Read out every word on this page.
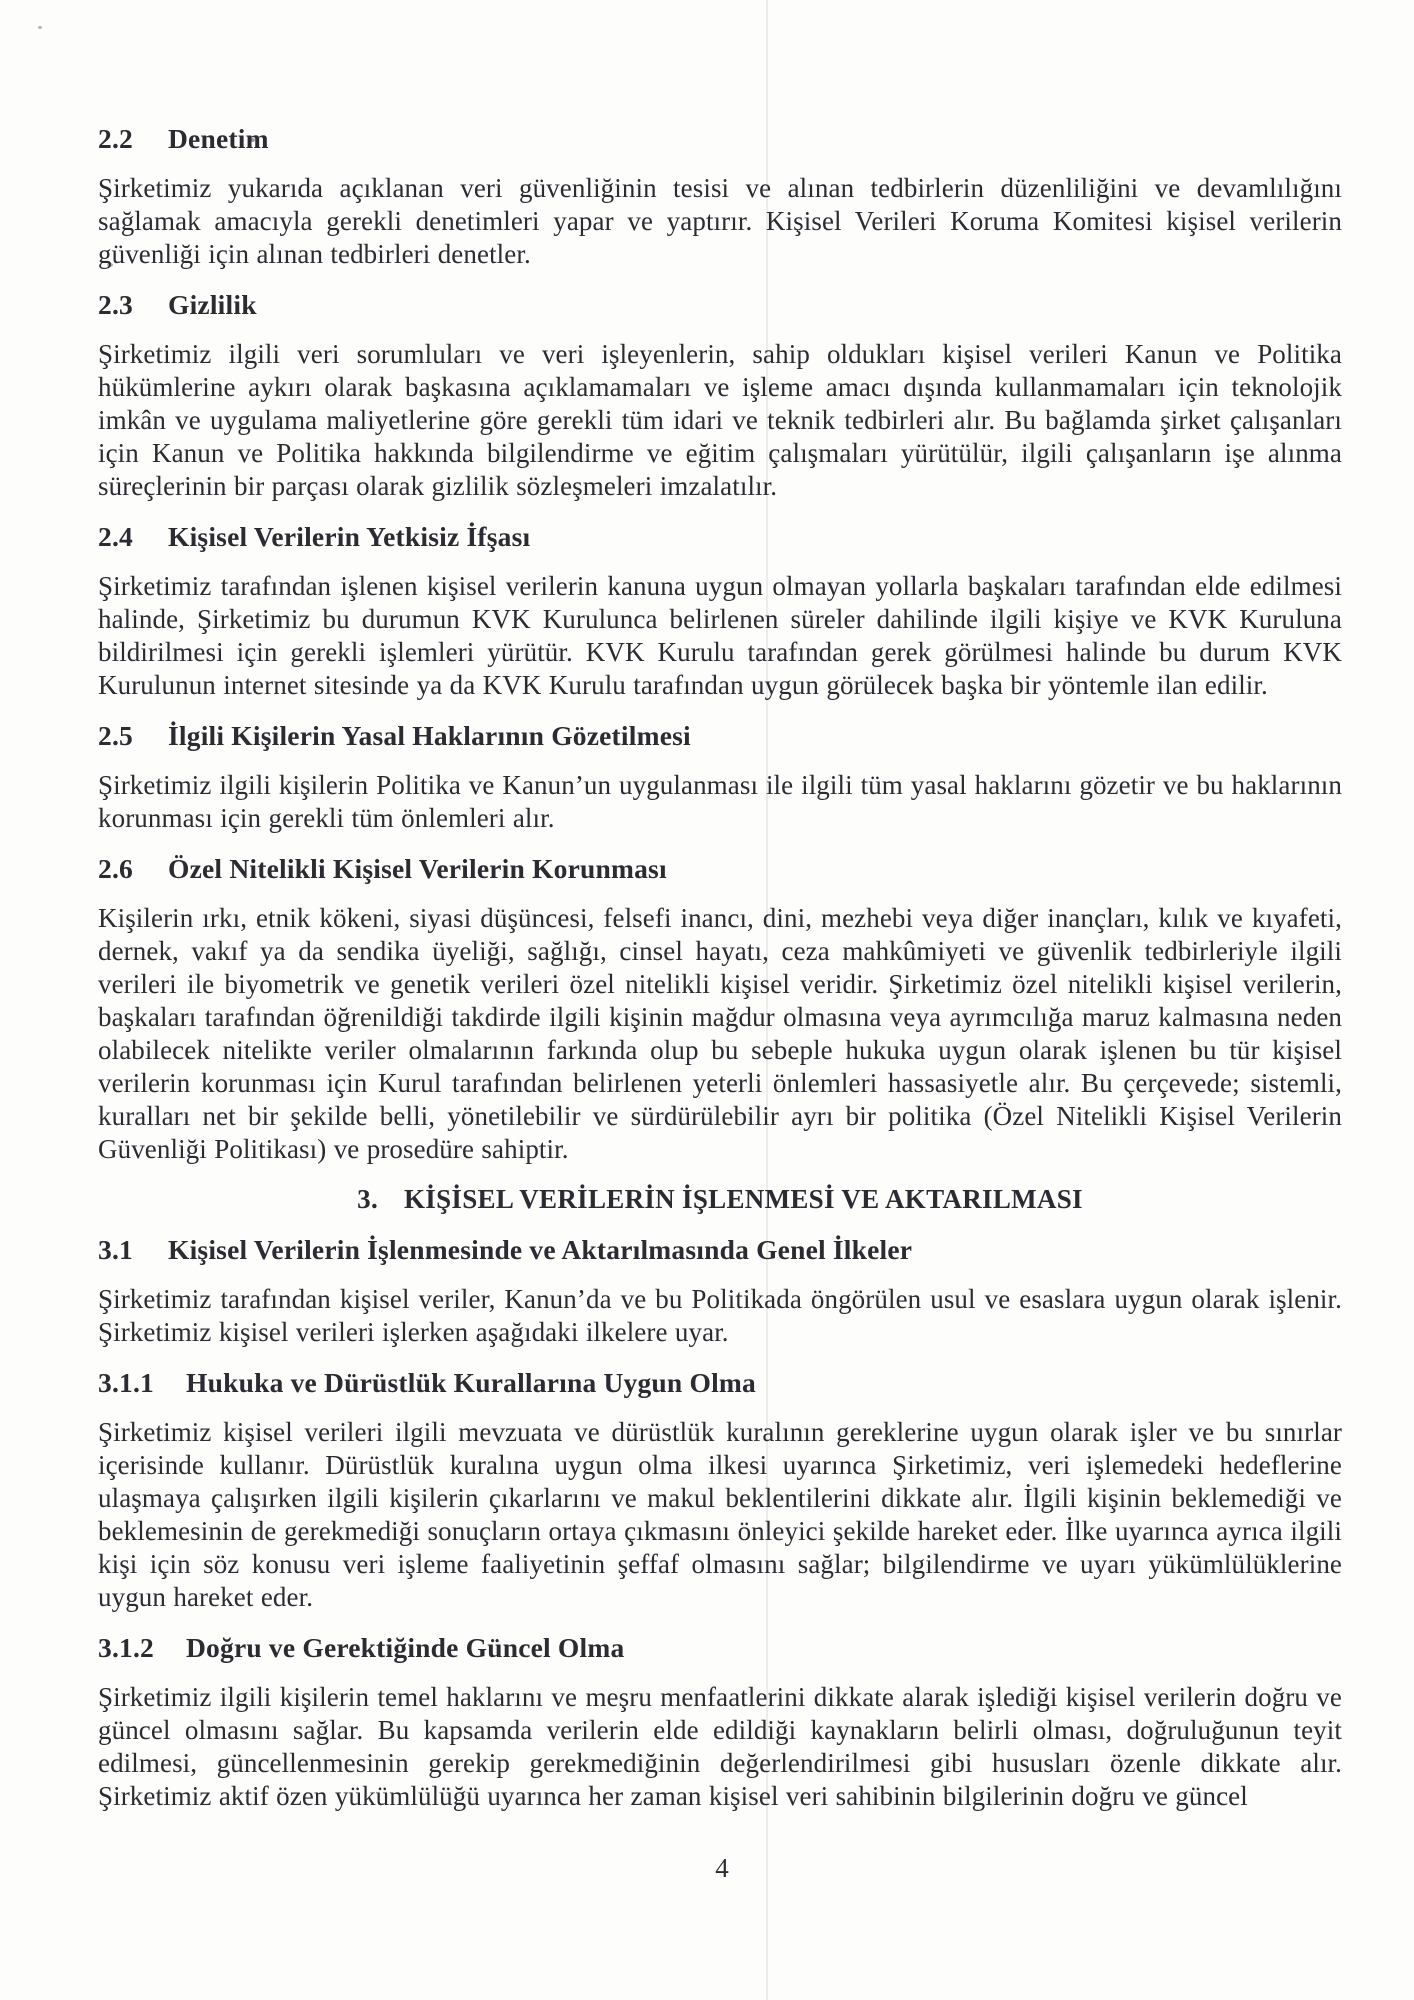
2.2	Denetim

Şirketimiz yukarıda açıklanan veri güvenliğinin tesisi ve alınan tedbirlerin düzenliliğini ve devamlılığını sağlamak amacıyla gerekli denetimleri yapar ve yaptırır. Kişisel Verileri Koruma Komitesi kişisel verilerin güvenliği için alınan tedbirleri denetler.

2.3	Gizlilik

Şirketimiz ilgili veri sorumluları ve veri işleyenlerin, sahip oldukları kişisel verileri Kanun ve Politika hükümlerine aykırı olarak başkasına açıklamamaları ve işleme amacı dışında kullanmamaları için teknolojik imkân ve uygulama maliyetlerine göre gerekli tüm idari ve teknik tedbirleri alır. Bu bağlamda şirket çalışanları için Kanun ve Politika hakkında bilgilendirme ve eğitim çalışmaları yürütülür, ilgili çalışanların işe alınma süreçlerinin bir parçası olarak gizlilik sözleşmeleri imzalatılır.

2.4	Kişisel Verilerin Yetkisiz İfşası

Şirketimiz tarafından işlenen kişisel verilerin kanuna uygun olmayan yollarla başkaları tarafından elde edilmesi halinde, Şirketimiz bu durumun KVK Kurulunca belirlenen süreler dahilinde ilgili kişiye ve KVK Kuruluna bildirilmesi için gerekli işlemleri yürütür. KVK Kurulu tarafından gerek görülmesi halinde bu durum KVK Kurulunun internet sitesinde ya da KVK Kurulu tarafından uygun görülecek başka bir yöntemle ilan edilir.

2.5	İlgili Kişilerin Yasal Haklarının Gözetilmesi

Şirketimiz ilgili kişilerin Politika ve Kanun’un uygulanması ile ilgili tüm yasal haklarını gözetir ve bu haklarının korunması için gerekli tüm önlemleri alır.

2.6	Özel Nitelikli Kişisel Verilerin Korunması

Kişilerin ırkı, etnik kökeni, siyasi düşüncesi, felsefi inancı, dini, mezhebi veya diğer inançları, kılık ve kıyafeti, dernek, vakıf ya da sendika üyeliği, sağlığı, cinsel hayatı, ceza mahkûmiyeti ve güvenlik tedbirleriyle ilgili verileri ile biyometrik ve genetik verileri özel nitelikli kişisel veridir. Şirketimiz özel nitelikli kişisel verilerin, başkaları tarafından öğrenildiği takdirde ilgili kişinin mağdur olmasına veya ayrımcılığa maruz kalmasına neden olabilecek nitelikte veriler olmalarının farkında olup bu sebeple hukuka uygun olarak işlenen bu tür kişisel verilerin korunması için Kurul tarafından belirlenen yeterli önlemleri hassasiyetle alır. Bu çerçevede; sistemli, kuralları net bir şekilde belli, yönetilebilir ve sürdürülebilir ayrı bir politika (Özel Nitelikli Kişisel Verilerin Güvenliği Politikası) ve prosedüre sahiptir.

3. KİŞİSEL VERİLERİN İŞLENMESİ VE AKTARILMASI
3.1	Kişisel Verilerin İşlenmesinde ve Aktarılmasında Genel İlkeler

Şirketimiz tarafından kişisel veriler, Kanun’da ve bu Politikada öngörülen usul ve esaslara uygun olarak işlenir. Şirketimiz kişisel verileri işlerken aşağıdaki ilkelere uyar.

3.1.1	Hukuka ve Dürüstlük Kurallarına Uygun Olma

Şirketimiz kişisel verileri ilgili mevzuata ve dürüstlük kuralının gereklerine uygun olarak işler ve bu sınırlar içerisinde kullanır. Dürüstlük kuralına uygun olma ilkesi uyarınca Şirketimiz, veri işlemedeki hedeflerine ulaşmaya çalışırken ilgili kişilerin çıkarlarını ve makul beklentilerini dikkate alır. İlgili kişinin beklemediği ve beklemesinin de gerekmediği sonuçların ortaya çıkmasını önleyici şekilde hareket eder. İlke uyarınca ayrıca ilgili kişi için söz konusu veri işleme faaliyetinin şeffaf olmasını sağlar; bilgilendirme ve uyarı yükümlülüklerine uygun hareket eder.

3.1.2	Doğru ve Gerektiğinde Güncel Olma

Şirketimiz ilgili kişilerin temel haklarını ve meşru menfaatlerini dikkate alarak işlediği kişisel verilerin doğru ve güncel olmasını sağlar. Bu kapsamda verilerin elde edildiği kaynakların belirli olması, doğruluğunun teyit edilmesi, güncellenmesinin gerekip gerekmediğinin değerlendirilmesi gibi hususları özenle dikkate alır. Şirketimiz aktif özen yükümlülüğü uyarınca her zaman kişisel veri sahibinin bilgilerinin doğru ve güncel

4
